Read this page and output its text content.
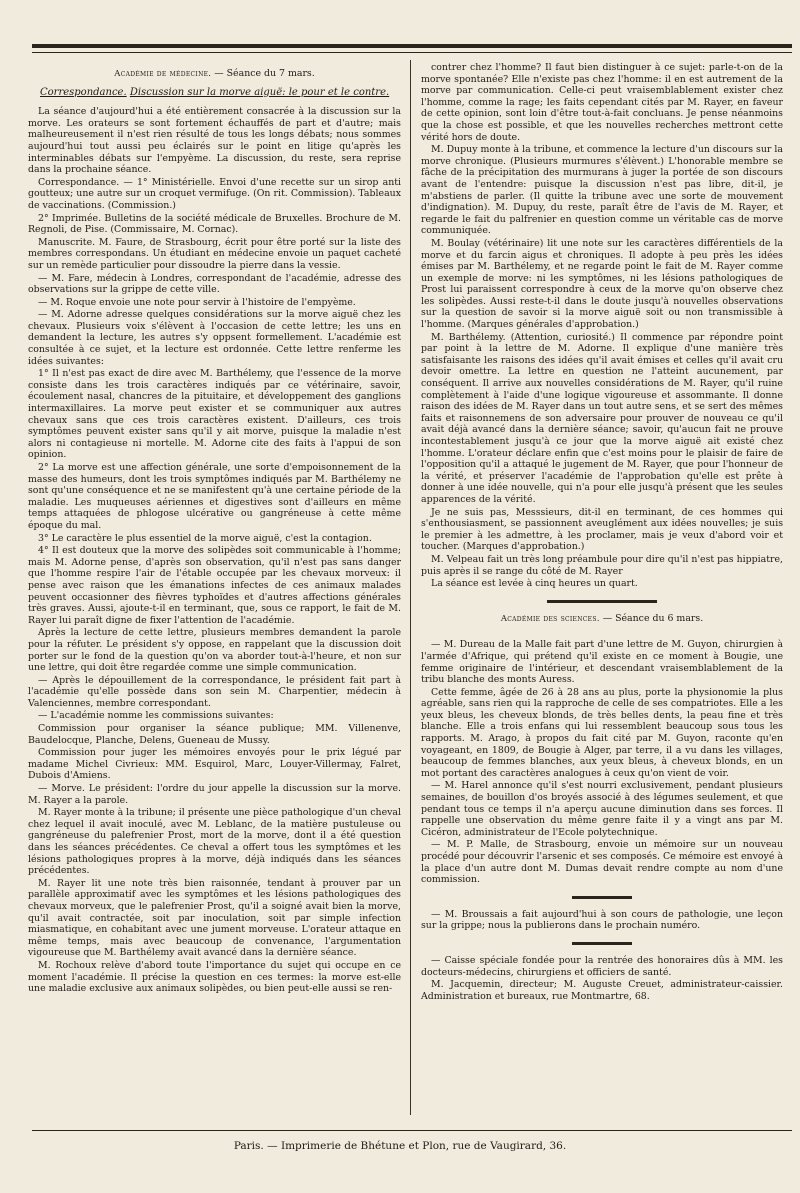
Académie de médecine. — Séance du 7 mars.
Correspondance. Discussion sur la morve aiguë: le pour et le contre.

La séance d'aujourd'hui a été entièrement consacrée à la discussion sur la morve. Les orateurs se sont fortement échauffés de part et d'autre; mais malheureusement il n'est rien résulté de tous les longs débats; nous sommes aujourd'hui tout aussi peu éclairés sur le point en litige qu'après les interminables débats sur l'empyème. La discussion, du reste, sera reprise dans la prochaine séance.

Correspondance. — 1° Ministérielle. Envoi d'une recette sur un sirop anti goutteux; une autre sur un croquet vermifuge. (On rit. Commission). Tableaux de vaccinations. (Commission.)

2° Imprimée. Bulletins de la société médicale de Bruxelles. Brochure de M. Regnoli, de Pise. (Commissaire, M. Cornac).

Manuscrite. M. Faure, de Strasbourg, écrit pour être porté sur la liste des membres correspondans. Un étudiant en médecine envoie un paquet cacheté sur un remède particulier pour dissoudre la pierre dans la vessie.

— M. Fare, médecin à Londres, correspondant de l'académie, adresse des observations sur la grippe de cette ville.

— M. Roque envoie une note pour servir à l'histoire de l'empyème.

— M. Adorne adresse quelques considérations sur la morve aiguë chez les chevaux. Plusieurs voix s'élèvent à l'occasion de cette lettre; les uns en demandent la lecture, les autres s'y oppsent formellement. L'académie est consultée à ce sujet, et la lecture est ordonnée. Cette lettre renferme les idées suivantes:

1° Il n'est pas exact de dire avec M. Barthélemy, que l'essence de la morve consiste dans les trois caractères indiqués par ce vétérinaire, savoir, écoulement nasal, chancres de la pituitaire, et développement des ganglions intermaxillaires. La morve peut exister et se communiquer aux autres chevaux sans que ces trois caractères existent. D'ailleurs, ces trois symptômes peuvent exister sans qu'il y ait morve, puisque la maladie n'est alors ni contagieuse ni mortelle. M. Adorne cite des faits à l'appui de son opinion.

2° La morve est une affection générale, une sorte d'empoisonnement de la masse des humeurs, dont les trois symptômes indiqués par M. Barthélemy ne sont qu'une conséquence et ne se manifestent qu'à une certaine période de la maladie. Les muqueuses aériennes et digestives sont d'ailleurs en même temps attaquées de phlogose ulcérative ou gangréneuse à cette même époque du mal.

3° Le caractère le plus essentiel de la morve aiguë, c'est la contagion.

4° Il est douteux que la morve des solipèdes soit communicable à l'homme; mais M. Adorne pense, d'après son observation, qu'il n'est pas sans danger que l'homme respire l'air de l'étable occupée par les chevaux morveux: il pense avec raison que les émanations infectes de ces animaux malades peuvent occasionner des fièvres typhoïdes et d'autres affections générales très graves. Aussi, ajoute-t-il en terminant, que, sous ce rapport, le fait de M. Rayer lui paraît digne de fixer l'attention de l'académie.

Après la lecture de cette lettre, plusieurs membres demandent la parole pour la réfuter. Le président s'y oppose, en rappelant que la discussion doit porter sur le fond de la question qu'on va aborder tout-à-l'heure, et non sur une lettre, qui doit être regardée comme une simple communication.

— Après le dépouillement de la correspondance, le président fait part à l'académie qu'elle possède dans son sein M. Charpentier, médecin à Valenciennes, membre correspondant.

— L'académie nomme les commissions suivantes:

Commission pour organiser la séance publique; MM. Villenenve, Baudelocque, Planche, Delens, Gueneau de Mussy.

Commission pour juger les mémoires envoyés pour le prix légué par madame Michel Civrieux: MM. Esquirol, Marc, Louyer-Villermay, Falret, Dubois d'Amiens.

— Morve. Le président: l'ordre du jour appelle la discussion sur la morve. M. Rayer a la parole.

M. Rayer monte à la tribune; il présente une pièce pathologique d'un cheval chez lequel il avait inoculé, avec M. Leblanc, de la matière pustuleuse ou gangréneuse du palefrenier Prost, mort de la morve, dont il a été question dans les séances précédentes. Ce cheval a offert tous les symptômes et les lésions pathologiques propres à la morve, déjà indiqués dans les séances précédentes.

M. Rayer lit une note très bien raisonnée, tendant à prouver par un parallèle approximatif avec les symptômes et les lésions pathologiques des chevaux morveux, que le palefrenier Prost, qu'il a soigné avait bien la morve, qu'il avait contractée, soit par inoculation, soit par simple infection miasmatique, en cohabitant avec une jument morveuse. L'orateur attaque en même temps, mais avec beaucoup de convenance, l'argumentation vigoureuse que M. Barthélemy avait avancé dans la dernière séance.

M. Rochoux relève d'abord toute l'importance du sujet qui occupe en ce moment l'académie. Il précise la question en ces termes: la morve est-elle une maladie exclusive aux animaux solipèdes, ou bien peut-elle aussi se ren-

contrer chez l'homme? Il faut bien distinguer à ce sujet: parle-t-on de la morve spontanée? Elle n'existe pas chez l'homme: il en est autrement de la morve par communication. Celle-ci peut vraisemblablement exister chez l'homme, comme la rage; les faits cependant cités par M. Rayer, en faveur de cette opinion, sont loin d'être tout-à-fait concluans. Je pense néanmoins que la chose est possible, et que les nouvelles recherches mettront cette vérité hors de doute.

M. Dupuy monte à la tribune, et commence la lecture d'un discours sur la morve chronique. (Plusieurs murmures s'élèvent.) L'honorable membre se fâche de la précipitation des murmurans à juger la portée de son discours avant de l'entendre: puisque la discussion n'est pas libre, dit-il, je m'abstiens de parler. (Il quitte la tribune avec une sorte de mouvement d'indignation). M. Dupuy, du reste, paraît être de l'avis de M. Rayer, et regarde le fait du palfrenier en question comme un véritable cas de morve communiquée.

M. Boulay (vétérinaire) lit une note sur les caractères différentiels de la morve et du farcin aigus et chroniques. Il adopte à peu près les idées émises par M. Barthélemy, et ne regarde point le fait de M. Rayer comme un exemple de morve: ni les symptômes, ni les lésions pathologiques de Prost lui paraissent correspondre à ceux de la morve qu'on observe chez les solipèdes. Aussi reste-t-il dans le doute jusqu'à nouvelles observations sur la question de savoir si la morve aiguë soit ou non transmissible à l'homme. (Marques générales d'approbation.)

M. Barthélemy. (Attention, curiosité.) Il commence par répondre point par point à la lettre de M. Adorne. Il explique d'une manière très satisfaisante les raisons des idées qu'il avait émises et celles qu'il avait cru devoir omettre. La lettre en question ne l'atteint aucunement, par conséquent. Il arrive aux nouvelles considérations de M. Rayer, qu'il ruine complètement à l'aide d'une logique vigoureuse et assommante. Il donne raison des idées de M. Rayer dans un tout autre sens, et se sert des mêmes faits et raisonnemens de son adversaire pour prouver de nouveau ce qu'il avait déjà avancé dans la dernière séance; savoir, qu'aucun fait ne prouve incontestablement jusqu'à ce jour que la morve aiguë ait existé chez l'homme. L'orateur déclare enfin que c'est moins pour le plaisir de faire de l'opposition qu'il a attaqué le jugement de M. Rayer, que pour l'honneur de la vérité, et préserver l'académie de l'approbation qu'elle est prête à donner à une idée nouvelle, qui n'a pour elle jusqu'à présent que les seules apparences de la vérité.

Je ne suis pas, Messsieurs, dit-il en terminant, de ces hommes qui s'enthousiasment, se passionnent aveuglément aux idées nouvelles; je suis le premier à les admettre, à les proclamer, mais je veux d'abord voir et toucher. (Marques d'approbation.)

M. Velpeau fait un très long préambule pour dire qu'il n'est pas hippiatre, puis après il se range du côté de M. Rayer

La séance est levée à cinq heures un quart.

Académie des sciences. — Séance du 6 mars.

— M. Dureau de la Malle fait part d'une lettre de M. Guyon, chirurgien à l'armée d'Afrique, qui prétend qu'il existe en ce moment à Bougie, une femme originaire de l'intérieur, et descendant vraisemblablement de la tribu blanche des monts Auress.

Cette femme, âgée de 26 à 28 ans au plus, porte la physionomie la plus agréable, sans rien qui la rapproche de celle de ses compatriotes. Elle a les yeux bleus, les cheveux blonds, de très belles dents, la peau fine et très blanche. Elle a trois enfans qui lui ressemblent beaucoup sous tous les rapports. M. Arago, à propos du fait cité par M. Guyon, raconte qu'en voyageant, en 1809, de Bougie à Alger, par terre, il a vu dans les villages, beaucoup de femmes blanches, aux yeux bleus, à cheveux blonds, en un mot portant des caractères analogues à ceux qu'on vient de voir.

— M. Harel annonce qu'il s'est nourri exclusivement, pendant plusieurs semaines, de bouillon d'os broyés associé à des légumes seulement, et que pendant tous ce temps il n'a aperçu aucune diminution dans ses forces. Il rappelle une observation du même genre faite il y a vingt ans par M. Cicéron, administrateur de l'Ecole polytechnique.

— M. P. Malle, de Strasbourg, envoie un mémoire sur un nouveau procédé pour découvrir l'arsenic et ses composés. Ce mémoire est envoyé à la place d'un autre dont M. Dumas devait rendre compte au nom d'une commission.

— M. Broussais a fait aujourd'hui à son cours de pathologie, une leçon sur la grippe; nous la publierons dans le prochain numéro.

— Caisse spéciale fondée pour la rentrée des honoraires dûs à MM. les docteurs-médecins, chirurgiens et officiers de santé.

M. Jacquemin, directeur; M. Auguste Creuet, administrateur-caissier. Administration et bureaux, rue Montmartre, 68.

Paris. — Imprimerie de Bhétune et Plon, rue de Vaugirard, 36.
